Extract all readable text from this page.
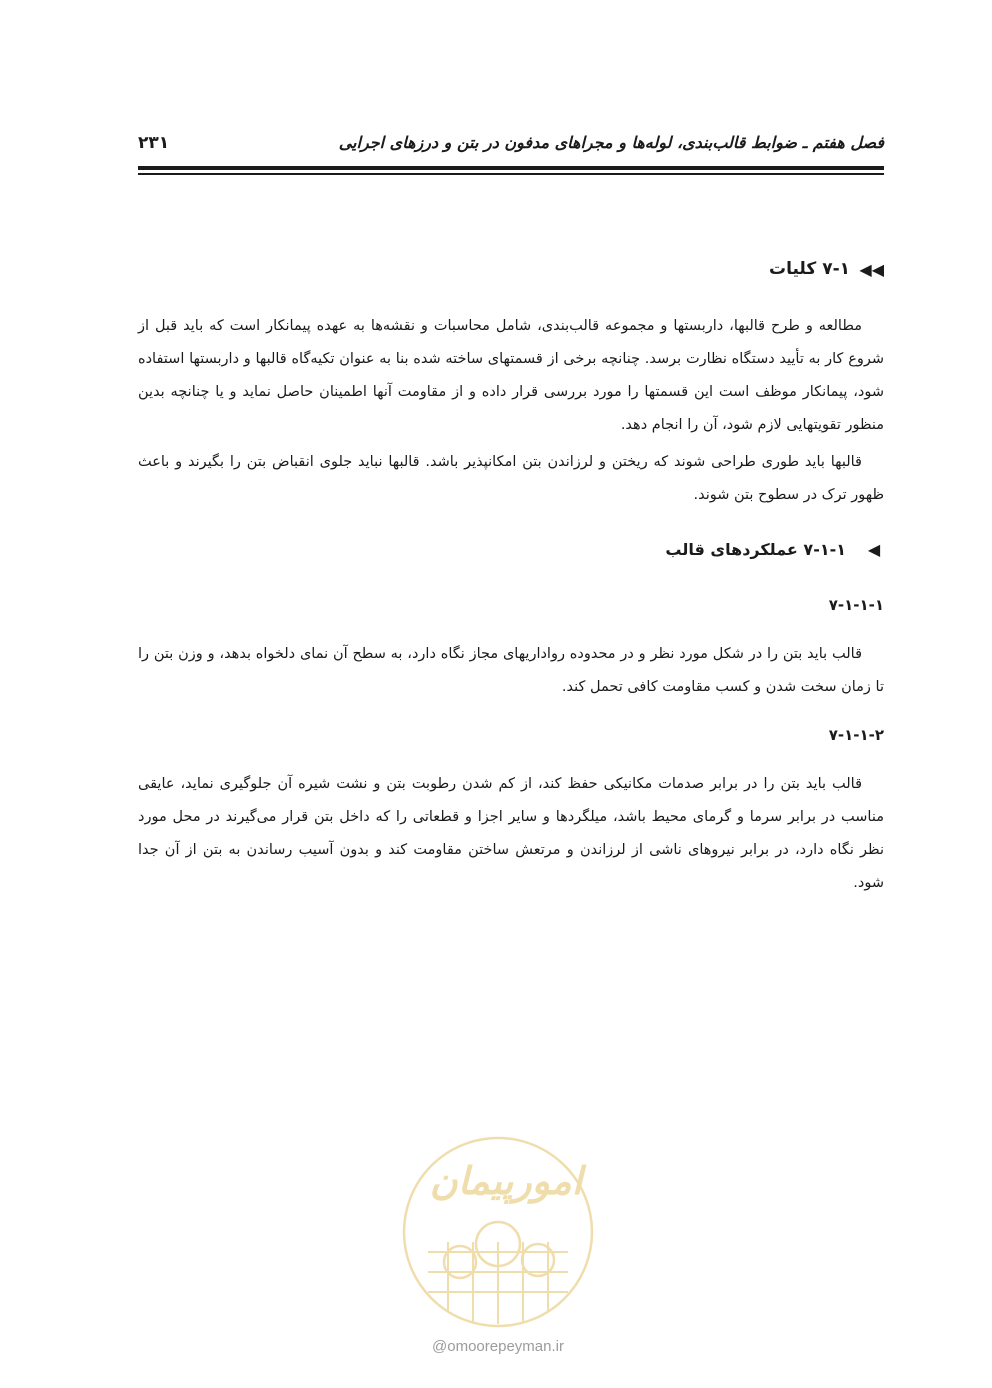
فصل هفتم ـ ضوابط قالب‌بندی، لوله‌ها و مجراهای مدفون در بتن و درزهای اجرایی
۲۳۱
◀◀
۷-۱ کلیات

مطالعه و طرح قالبها، داربستها و مجموعه قالب‌بندی، شامل محاسبات و نقشه‌ها به عهده پیمانکار است که باید قبل از شروع کار به تأیید دستگاه نظارت برسد. چنانچه برخی از قسمتهای ساخته شده بنا به عنوان تکیه‌گاه قالبها و داربستها استفاده شود، پیمانکار موظف است این قسمتها را مورد بررسی قرار داده و از مقاومت آنها اطمینان حاصل نماید و یا چنانچه بدین منظور تقویتهایی لازم شود، آن را انجام دهد.

قالبها باید طوری طراحی شوند که ریختن و لرزاندن بتن امکانپذیر باشد. قالبها نباید جلوی انقباض بتن را بگیرند و باعث ظهور ترک در سطوح بتن شوند.

◀
۷-۱-۱ عملکردهای قالب
۷-۱-۱-۱

قالب باید بتن را در شکل مورد نظر و در محدوده رواداریهای مجاز نگاه دارد، به سطح آن نمای دلخواه بدهد، و وزن بتن را تا زمان سخت شدن و کسب مقاومت کافی تحمل کند.

۷-۱-۱-۲

قالب باید بتن را در برابر صدمات مکانیکی حفظ کند، از کم شدن رطوبت بتن و نشت شیره آن جلوگیری نماید، عایقی مناسب در برابر سرما و گرمای محیط باشد، میلگردها و سایر اجزا و قطعاتی را که داخل بتن قرار می‌گیرند در محل مورد نظر نگاه دارد، در برابر نیروهای ناشی از لرزاندن و مرتعش ساختن مقاومت کند و بدون آسیب رساندن به بتن از آن جدا شود.

امورپیمان
@omoorepeyman.ir
